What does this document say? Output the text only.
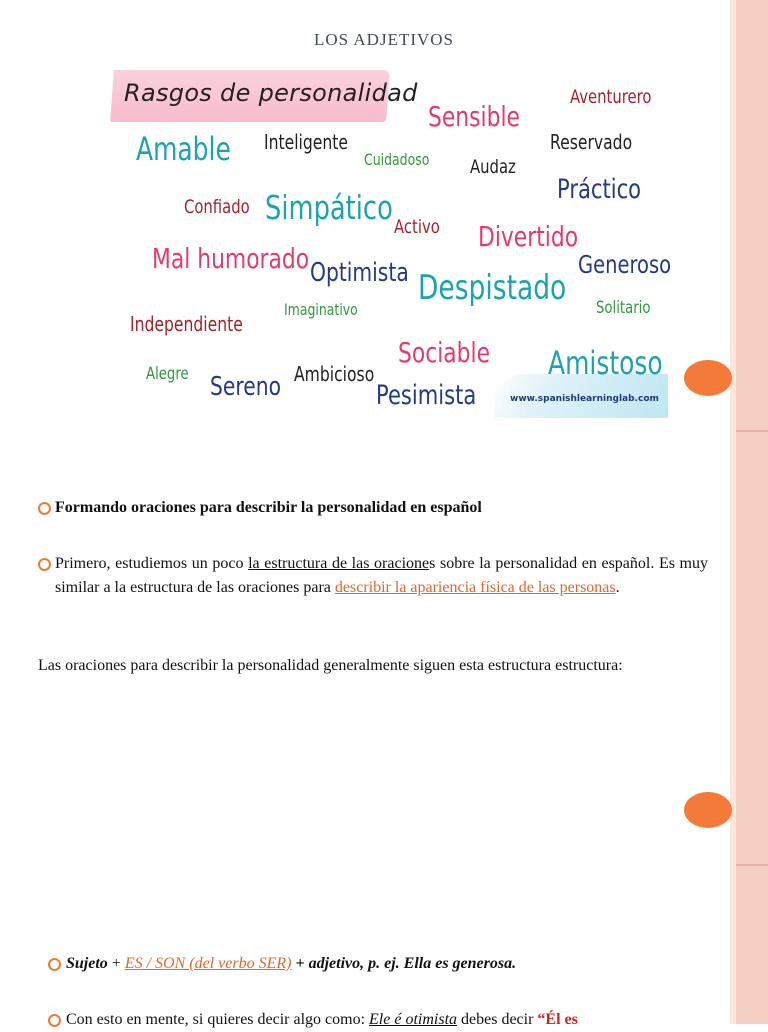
LOS ADJETIVOS
Rasgos de personalidad
Sensible
Aventurero
Amable Inteligente
Cuidadoso Audaz
Reservado
Práctico
Confiado Simpático Activo Divertido
Mal humorado Optimista Despistado
Generoso
Independiente
Imaginativo	Solitario
Sociable Amistoso
www.spanishlearninglab.com
Alegre Sereno Ambicioso
Pesimista
Formando oraciones para describir la personalidad en español
Primero, estudiemos un poco la estructura de las oraciones sobre la personalidad en español. Es muy similar a la estructura de las oraciones para describir la apariencia física de las personas.
Las oraciones para describir la personalidad generalmente siguen esta estructura estructura:
Sujeto + ES / SON (del verbo SER) + adjetivo, p. ej. Ella es generosa.
Con esto en mente, si quieres decir algo como: Ele é otimista debes decir “Él es
